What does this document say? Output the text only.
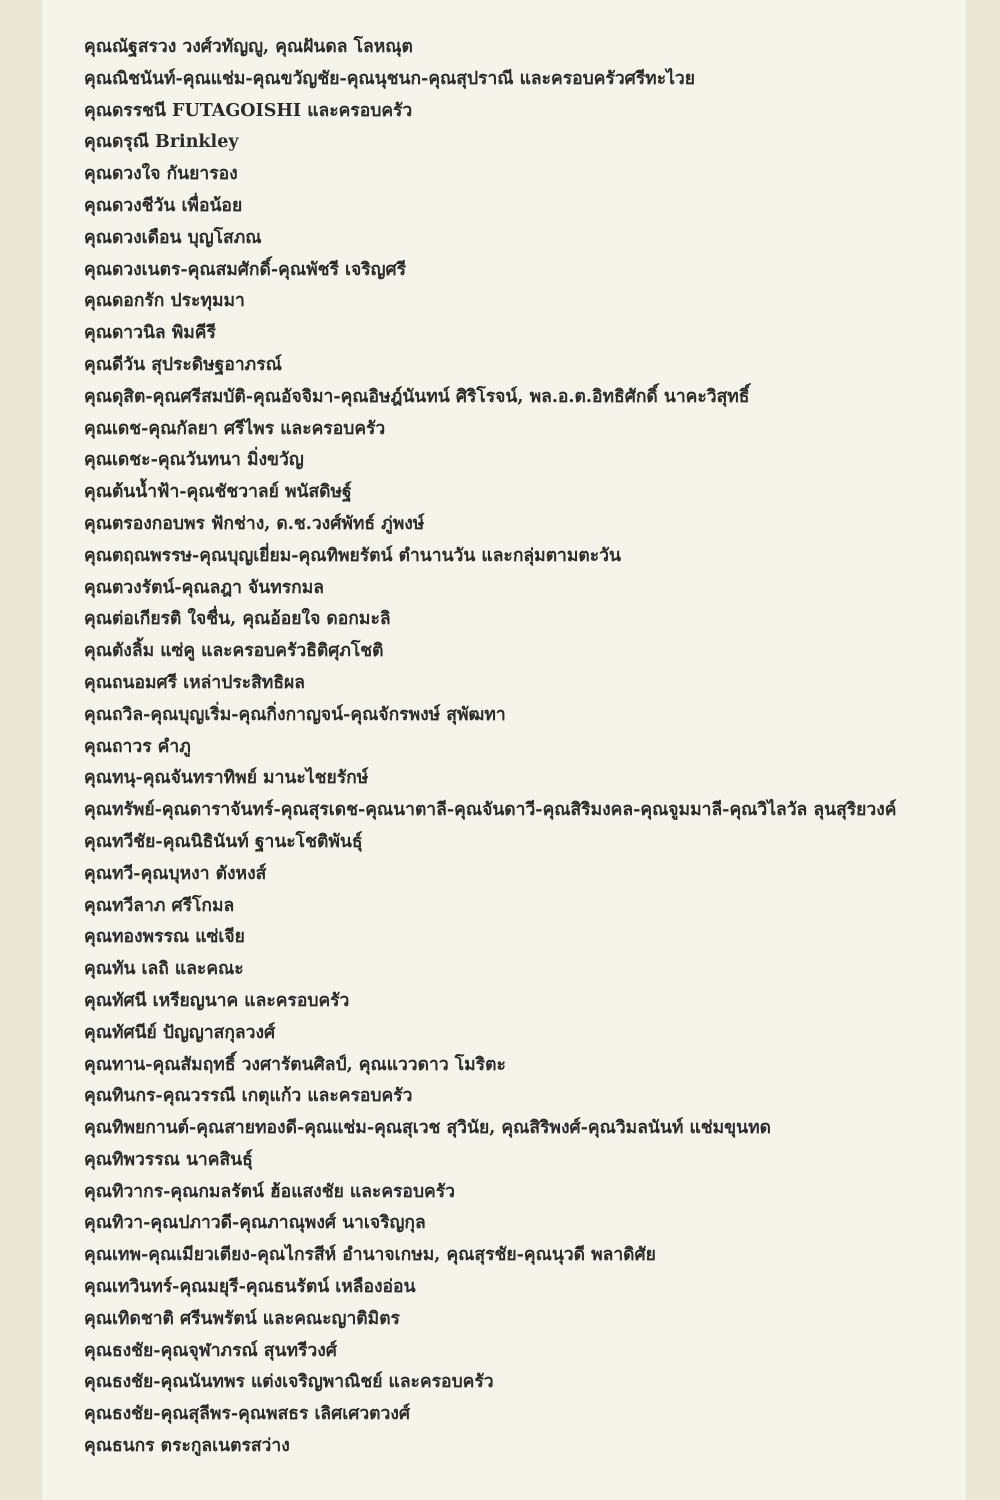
คุณณัฐสรวง วงศ์วทัญญู, คุณฝันดล โลหณุต
คุณณิชนันท์-คุณแช่ม-คุณขวัญชัย-คุณนุชนก-คุณสุปราณี และครอบครัวศรีทะไวย
คุณดรรชนี FUTAGOISHI และครอบครัว
คุณดรุณี Brinkley
คุณดวงใจ กันยารอง
คุณดวงชีวัน เพื่อน้อย
คุณดวงเดือน บุญโสภณ
คุณดวงเนตร-คุณสมศักดิ์-คุณพัชรี เจริญศรี
คุณดอกรัก ประทุมมา
คุณดาวนิล พิมคีรี
คุณดีวัน สุประดิษฐอาภรณ์
คุณดุสิต-คุณศรีสมบัติ-คุณอัจจิมา-คุณอิษฎ์นันทน์ ศิริโรจน์, พล.อ.ต.อิทธิศักดิ์ นาคะวิสุทธิ์
คุณเดช-คุณกัลยา ศรีไพร และครอบครัว
คุณเดชะ-คุณวันทนา มิ่งขวัญ
คุณต้นน้ำฟ้า-คุณชัชวาลย์ พนัสดิษฐ์
คุณตรองกอบพร ฟักช่าง, ด.ช.วงศ์พัทธ์ ภู่พงษ์
คุณตฤณพรรษ-คุณบุญเยี่ยม-คุณทิพยรัตน์ ตำนานวัน และกลุ่มตามตะวัน
คุณตวงรัตน์-คุณลฎา จันทรกมล
คุณต่อเกียรติ ใจชื่น, คุณอ้อยใจ ดอกมะลิ
คุณตังลิ้ม แซ่คู และครอบครัวธิติศุภโชติ
คุณถนอมศรี เหล่าประสิทธิผล
คุณถวิล-คุณบุญเริ่ม-คุณกิ่งกาญจน์-คุณจักรพงษ์ สุพัฒทา
คุณถาวร คำภู
คุณทนุ-คุณจันทราทิพย์ มานะไชยรักษ์
คุณทรัพย์-คุณดาราจันทร์-คุณสุรเดช-คุณนาตาลี-คุณจันดาวี-คุณสิริมงคล-คุณจูมมาลี-คุณวิไลวัล ลุนสุริยวงค์
คุณทวีชัย-คุณนิธินันท์ ฐานะโชติพันธุ์
คุณทวี-คุณบุหงา ตังหงส์
คุณทวีลาภ ศรีโกมล
คุณทองพรรณ แซ่เจีย
คุณทัน เลถิ และคณะ
คุณทัศนี เหรียญนาค และครอบครัว
คุณทัศนีย์ ปัญญาสกุลวงศ์
คุณทาน-คุณสัมฤทธิ์ วงศารัตนศิลป์, คุณแววดาว โมริตะ
คุณทินกร-คุณวรรณี เกตุแก้ว และครอบครัว
คุณทิพยกานต์-คุณสายทองดี-คุณแช่ม-คุณสุเวช สุวินัย, คุณสิริพงศ์-คุณวิมลนันท์ แช่มขุนทด
คุณทิพวรรณ นาคสินธุ์
คุณทิวากร-คุณกมลรัตน์ ฮ้อแสงชัย และครอบครัว
คุณทิวา-คุณปภาวดี-คุณภาณุพงศ์ นาเจริญกุล
คุณเทพ-คุณเมียวเตียง-คุณไกรสีห์ อำนาจเกษม, คุณสุรชัย-คุณนุวดี พลาดิศัย
คุณเทวินทร์-คุณมยุรี-คุณธนรัตน์ เหลืองอ่อน
คุณเทิดชาติ ศรีนพรัตน์ และคณะญาติมิตร
คุณธงชัย-คุณจุฬาภรณ์ สุนทรีวงศ์
คุณธงชัย-คุณนันทพร แต่งเจริญพาณิชย์ และครอบครัว
คุณธงชัย-คุณสุลีพร-คุณพสธร เลิศเศวตวงศ์
คุณธนกร ตระกูลเนตรสว่าง
